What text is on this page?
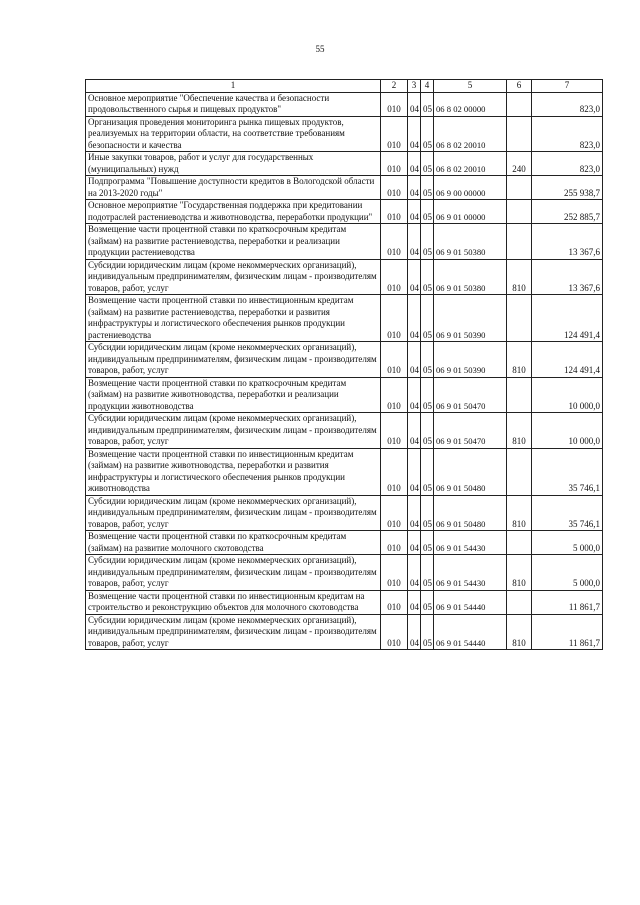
55
1	2	3	4	5	6	7
Основное мероприятие "Обеспечение качества и безопасности продовольственного сырья и пищевых продуктов"	010	04	05	06 8 02 00000		823,0
Организация проведения мониторинга рынка пищевых продуктов, реализуемых на территории области, на соответствие требованиям безопасности и качества	010	04	05	06 8 02 20010		823,0
Иные закупки товаров, работ и услуг для государственных (муниципальных) нужд	010	04	05	06 8 02 20010	240	823,0
Подпрограмма "Повышение доступности кредитов в Вологодской области на 2013-2020 годы"	010	04	05	06 9 00 00000		255 938,7
Основное мероприятие "Государственная поддержка при кредитовании подотраслей растениеводства и животноводства, переработки продукции"	010	04	05	06 9 01 00000		252 885,7
Возмещение части процентной ставки по краткосрочным кредитам (займам) на развитие растениеводства, переработки и реализации продукции растениеводства	010	04	05	06 9 01 50380		13 367,6
Субсидии юридическим лицам (кроме некоммерческих организаций), индивидуальным предпринимателям, физическим лицам - производителям товаров, работ, услуг	010	04	05	06 9 01 50380	810	13 367,6
Возмещение части процентной ставки по инвестиционным кредитам (займам) на развитие растениеводства, переработки и развития инфраструктуры и логистического обеспечения рынков продукции растениеводства	010	04	05	06 9 01 50390		124 491,4
Субсидии юридическим лицам (кроме некоммерческих организаций), индивидуальным предпринимателям, физическим лицам - производителям товаров, работ, услуг	010	04	05	06 9 01 50390	810	124 491,4
Возмещение части процентной ставки по краткосрочным кредитам (займам) на развитие животноводства, переработки и реализации продукции животноводства	010	04	05	06 9 01 50470		10 000,0
Субсидии юридическим лицам (кроме некоммерческих организаций), индивидуальным предпринимателям, физическим лицам - производителям товаров, работ, услуг	010	04	05	06 9 01 50470	810	10 000,0
Возмещение части процентной ставки по инвестиционным кредитам (займам) на развитие животноводства, переработки и развития инфраструктуры и логистического обеспечения рынков продукции животноводства	010	04	05	06 9 01 50480		35 746,1
Субсидии юридическим лицам (кроме некоммерческих организаций), индивидуальным предпринимателям, физическим лицам - производителям товаров, работ, услуг	010	04	05	06 9 01 50480	810	35 746,1
Возмещение части процентной ставки по краткосрочным кредитам (займам) на развитие молочного скотоводства	010	04	05	06 9 01 54430		5 000,0
Субсидии юридическим лицам (кроме некоммерческих организаций), индивидуальным предпринимателям, физическим лицам - производителям товаров, работ, услуг	010	04	05	06 9 01 54430	810	5 000,0
Возмещение части процентной ставки по инвестиционным кредитам на строительство и реконструкцию объектов для молочного скотоводства	010	04	05	06 9 01 54440		11 861,7
Субсидии юридическим лицам (кроме некоммерческих организаций), индивидуальным предпринимателям, физическим лицам - производителям товаров, работ, услуг	010	04	05	06 9 01 54440	810	11 861,7
